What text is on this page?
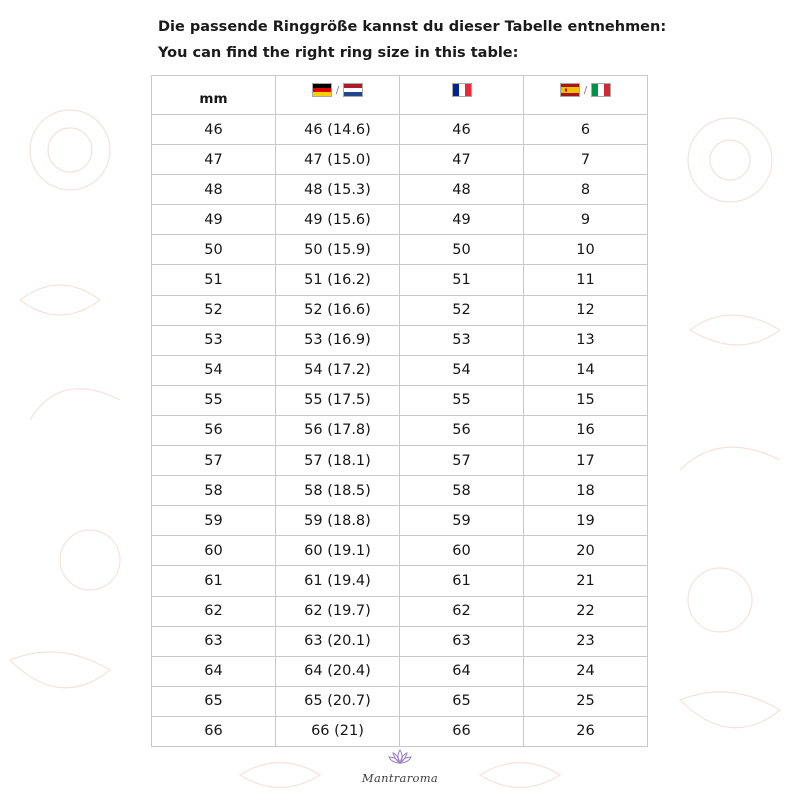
Die passende Ringgröße kannst du dieser Tabelle entnehmen:
You can find the right ring size in this table:
mm	/		/

46	46 (14.6)	46	6
47	47 (15.0)	47	7
48	48 (15.3)	48	8
49	49 (15.6)	49	9
50	50 (15.9)	50	10
51	51 (16.2)	51	11
52	52 (16.6)	52	12
53	53 (16.9)	53	13
54	54 (17.2)	54	14
55	55 (17.5)	55	15
56	56 (17.8)	56	16
57	57 (18.1)	57	17
58	58 (18.5)	58	18
59	59 (18.8)	59	19
60	60 (19.1)	60	20
61	61 (19.4)	61	21
62	62 (19.7)	62	22
63	63 (20.1)	63	23
64	64 (20.4)	64	24
65	65 (20.7)	65	25
66	66 (21)	66	26
Mantraroma
